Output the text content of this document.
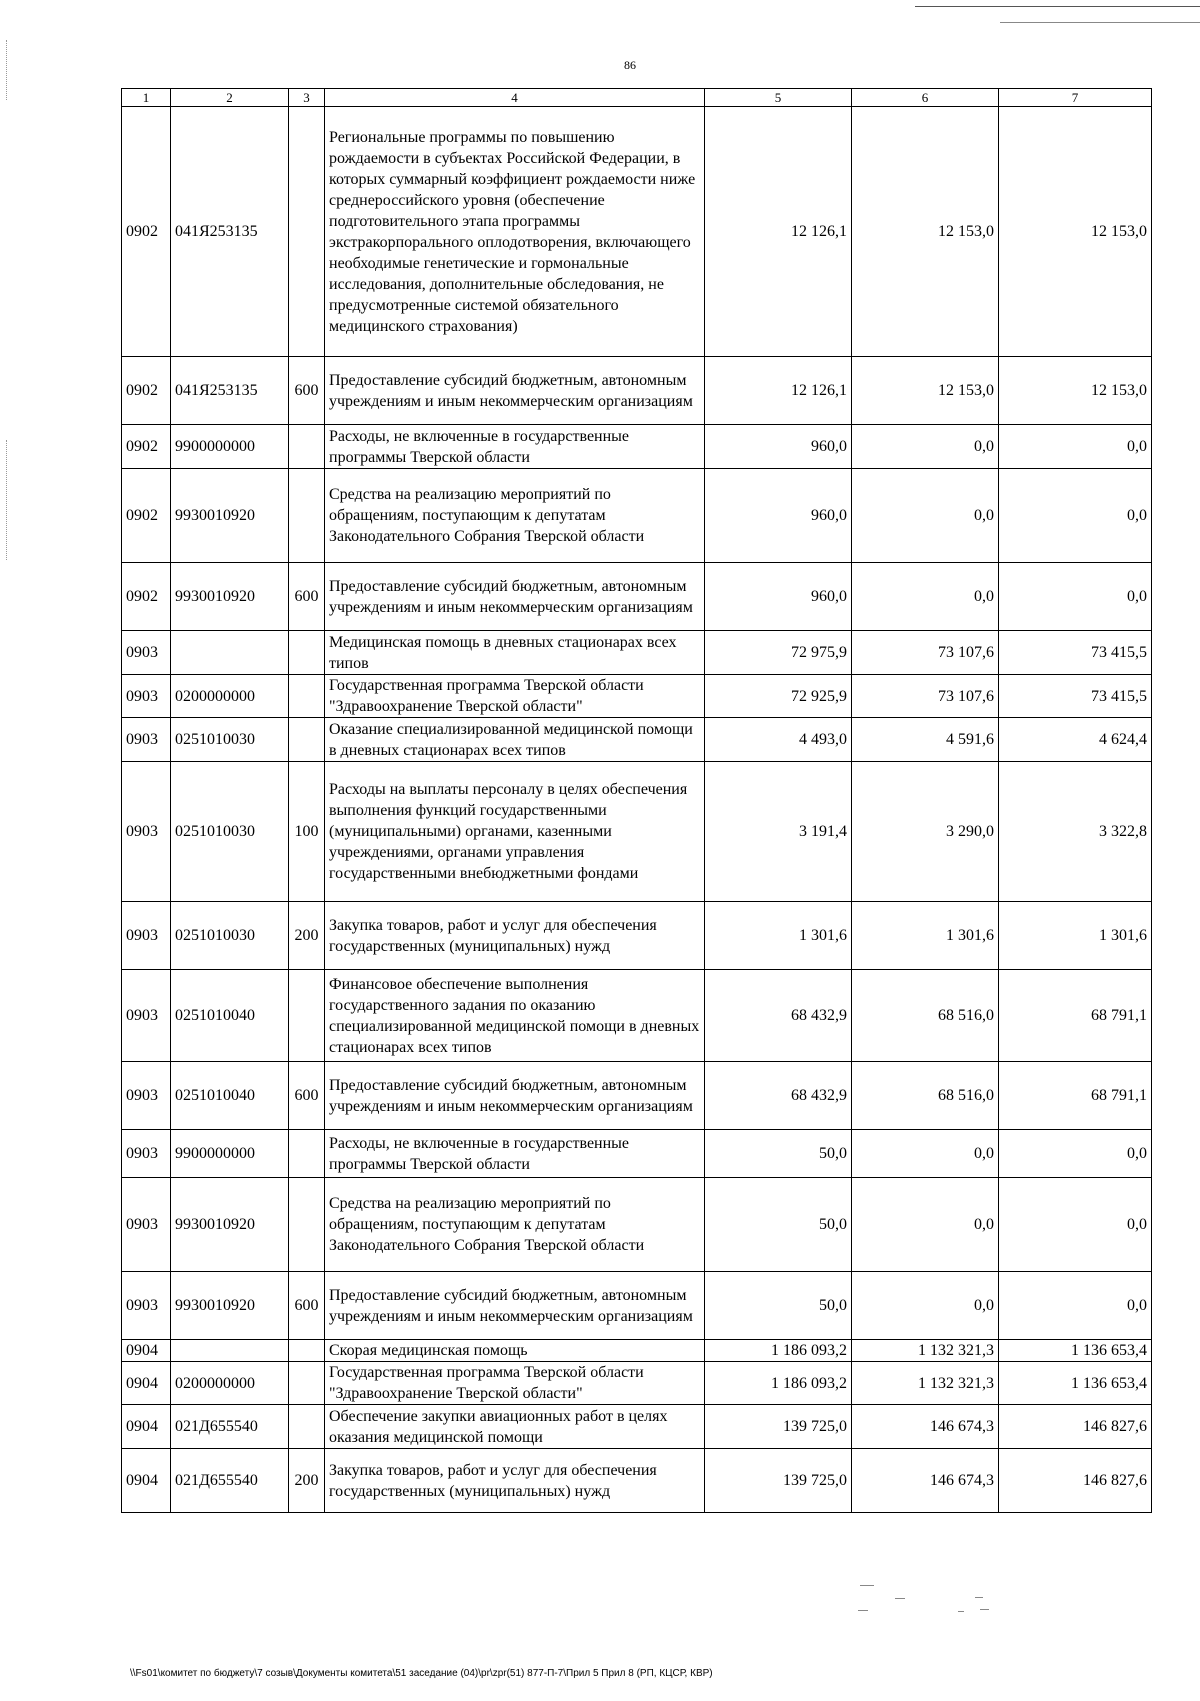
86
1	2	3	4	5	6	7
0902	041Я253135		Региональные программы по повышению рождаемости в субъектах Российской Федерации, в которых суммарный коэффициент рождаемости ниже среднероссийского уровня (обеспечение подготовительного этапа программы экстракорпорального оплодотворения, включающего необходимые генетические и гормональные исследования, дополнительные обследования, не предусмотренные системой обязательного медицинского страхования)	12 126,1	12 153,0	12 153,0
0902	041Я253135	600	Предоставление субсидий бюджетным, автономным учреждениям и иным некоммерческим организациям	12 126,1	12 153,0	12 153,0
0902	9900000000		Расходы, не включенные в государственные программы Тверской области	960,0	0,0	0,0
0902	9930010920		Средства на реализацию мероприятий по обращениям, поступающим к депутатам Законодательного Собрания Тверской области	960,0	0,0	0,0
0902	9930010920	600	Предоставление субсидий бюджетным, автономным учреждениям и иным некоммерческим организациям	960,0	0,0	0,0
0903			Медицинская помощь в дневных стационарах всех типов	72 975,9	73 107,6	73 415,5
0903	0200000000		Государственная программа Тверской области "Здравоохранение Тверской области"	72 925,9	73 107,6	73 415,5
0903	0251010030		Оказание специализированной медицинской помощи в дневных стационарах всех типов	4 493,0	4 591,6	4 624,4
0903	0251010030	100	Расходы на выплаты персоналу в целях обеспечения выполнения функций государственными (муниципальными) органами, казенными учреждениями, органами управления государственными внебюджетными фондами	3 191,4	3 290,0	3 322,8
0903	0251010030	200	Закупка товаров, работ и услуг для обеспечения государственных (муниципальных) нужд	1 301,6	1 301,6	1 301,6
0903	0251010040		Финансовое обеспечение выполнения государственного задания по оказанию специализированной медицинской помощи в дневных стационарах всех типов	68 432,9	68 516,0	68 791,1
0903	0251010040	600	Предоставление субсидий бюджетным, автономным учреждениям и иным некоммерческим организациям	68 432,9	68 516,0	68 791,1
0903	9900000000		Расходы, не включенные в государственные программы Тверской области	50,0	0,0	0,0
0903	9930010920		Средства на реализацию мероприятий по обращениям, поступающим к депутатам Законодательного Собрания Тверской области	50,0	0,0	0,0
0903	9930010920	600	Предоставление субсидий бюджетным, автономным учреждениям и иным некоммерческим организациям	50,0	0,0	0,0
0904			Скорая медицинская помощь	1 186 093,2	1 132 321,3	1 136 653,4
0904	0200000000		Государственная программа Тверской области "Здравоохранение Тверской области"	1 186 093,2	1 132 321,3	1 136 653,4
0904	021Д655540		Обеспечение закупки авиационных работ в целях оказания медицинской помощи	139 725,0	146 674,3	146 827,6
0904	021Д655540	200	Закупка товаров, работ и услуг для обеспечения государственных (муниципальных) нужд	139 725,0	146 674,3	146 827,6
\\Fs01\комитет по бюджету\7 созыв\Документы комитета\51 заседание (04)\pr\zpr(51) 877-П-7\Прил 5 Прил 8 (РП, КЦСР, КВР)
